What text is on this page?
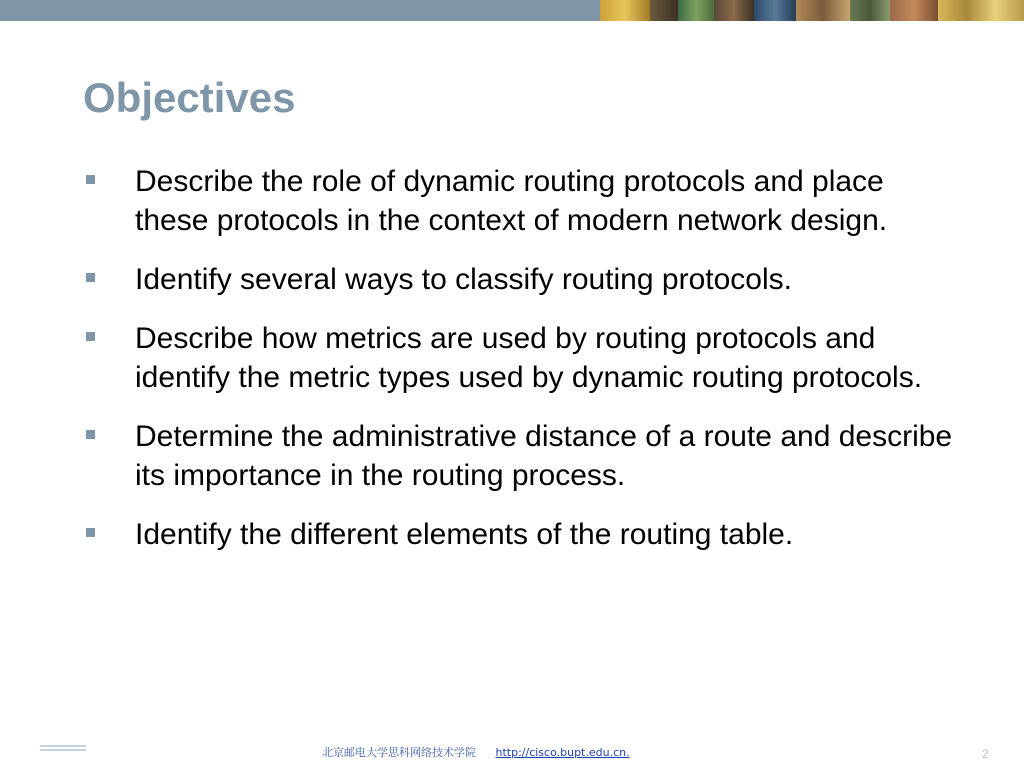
Objectives
Describe the role of dynamic routing protocols and place these protocols in the context of modern network design.
Identify several ways to classify routing protocols.
Describe how metrics are used by routing protocols and identify the metric types used by dynamic routing protocols.
Determine the administrative distance of a route and describe its importance in the routing process.
Identify the different elements of the routing table.
北京邮电大学思科网络技术学院 http://cisco.bupt.edu.cn.	2
